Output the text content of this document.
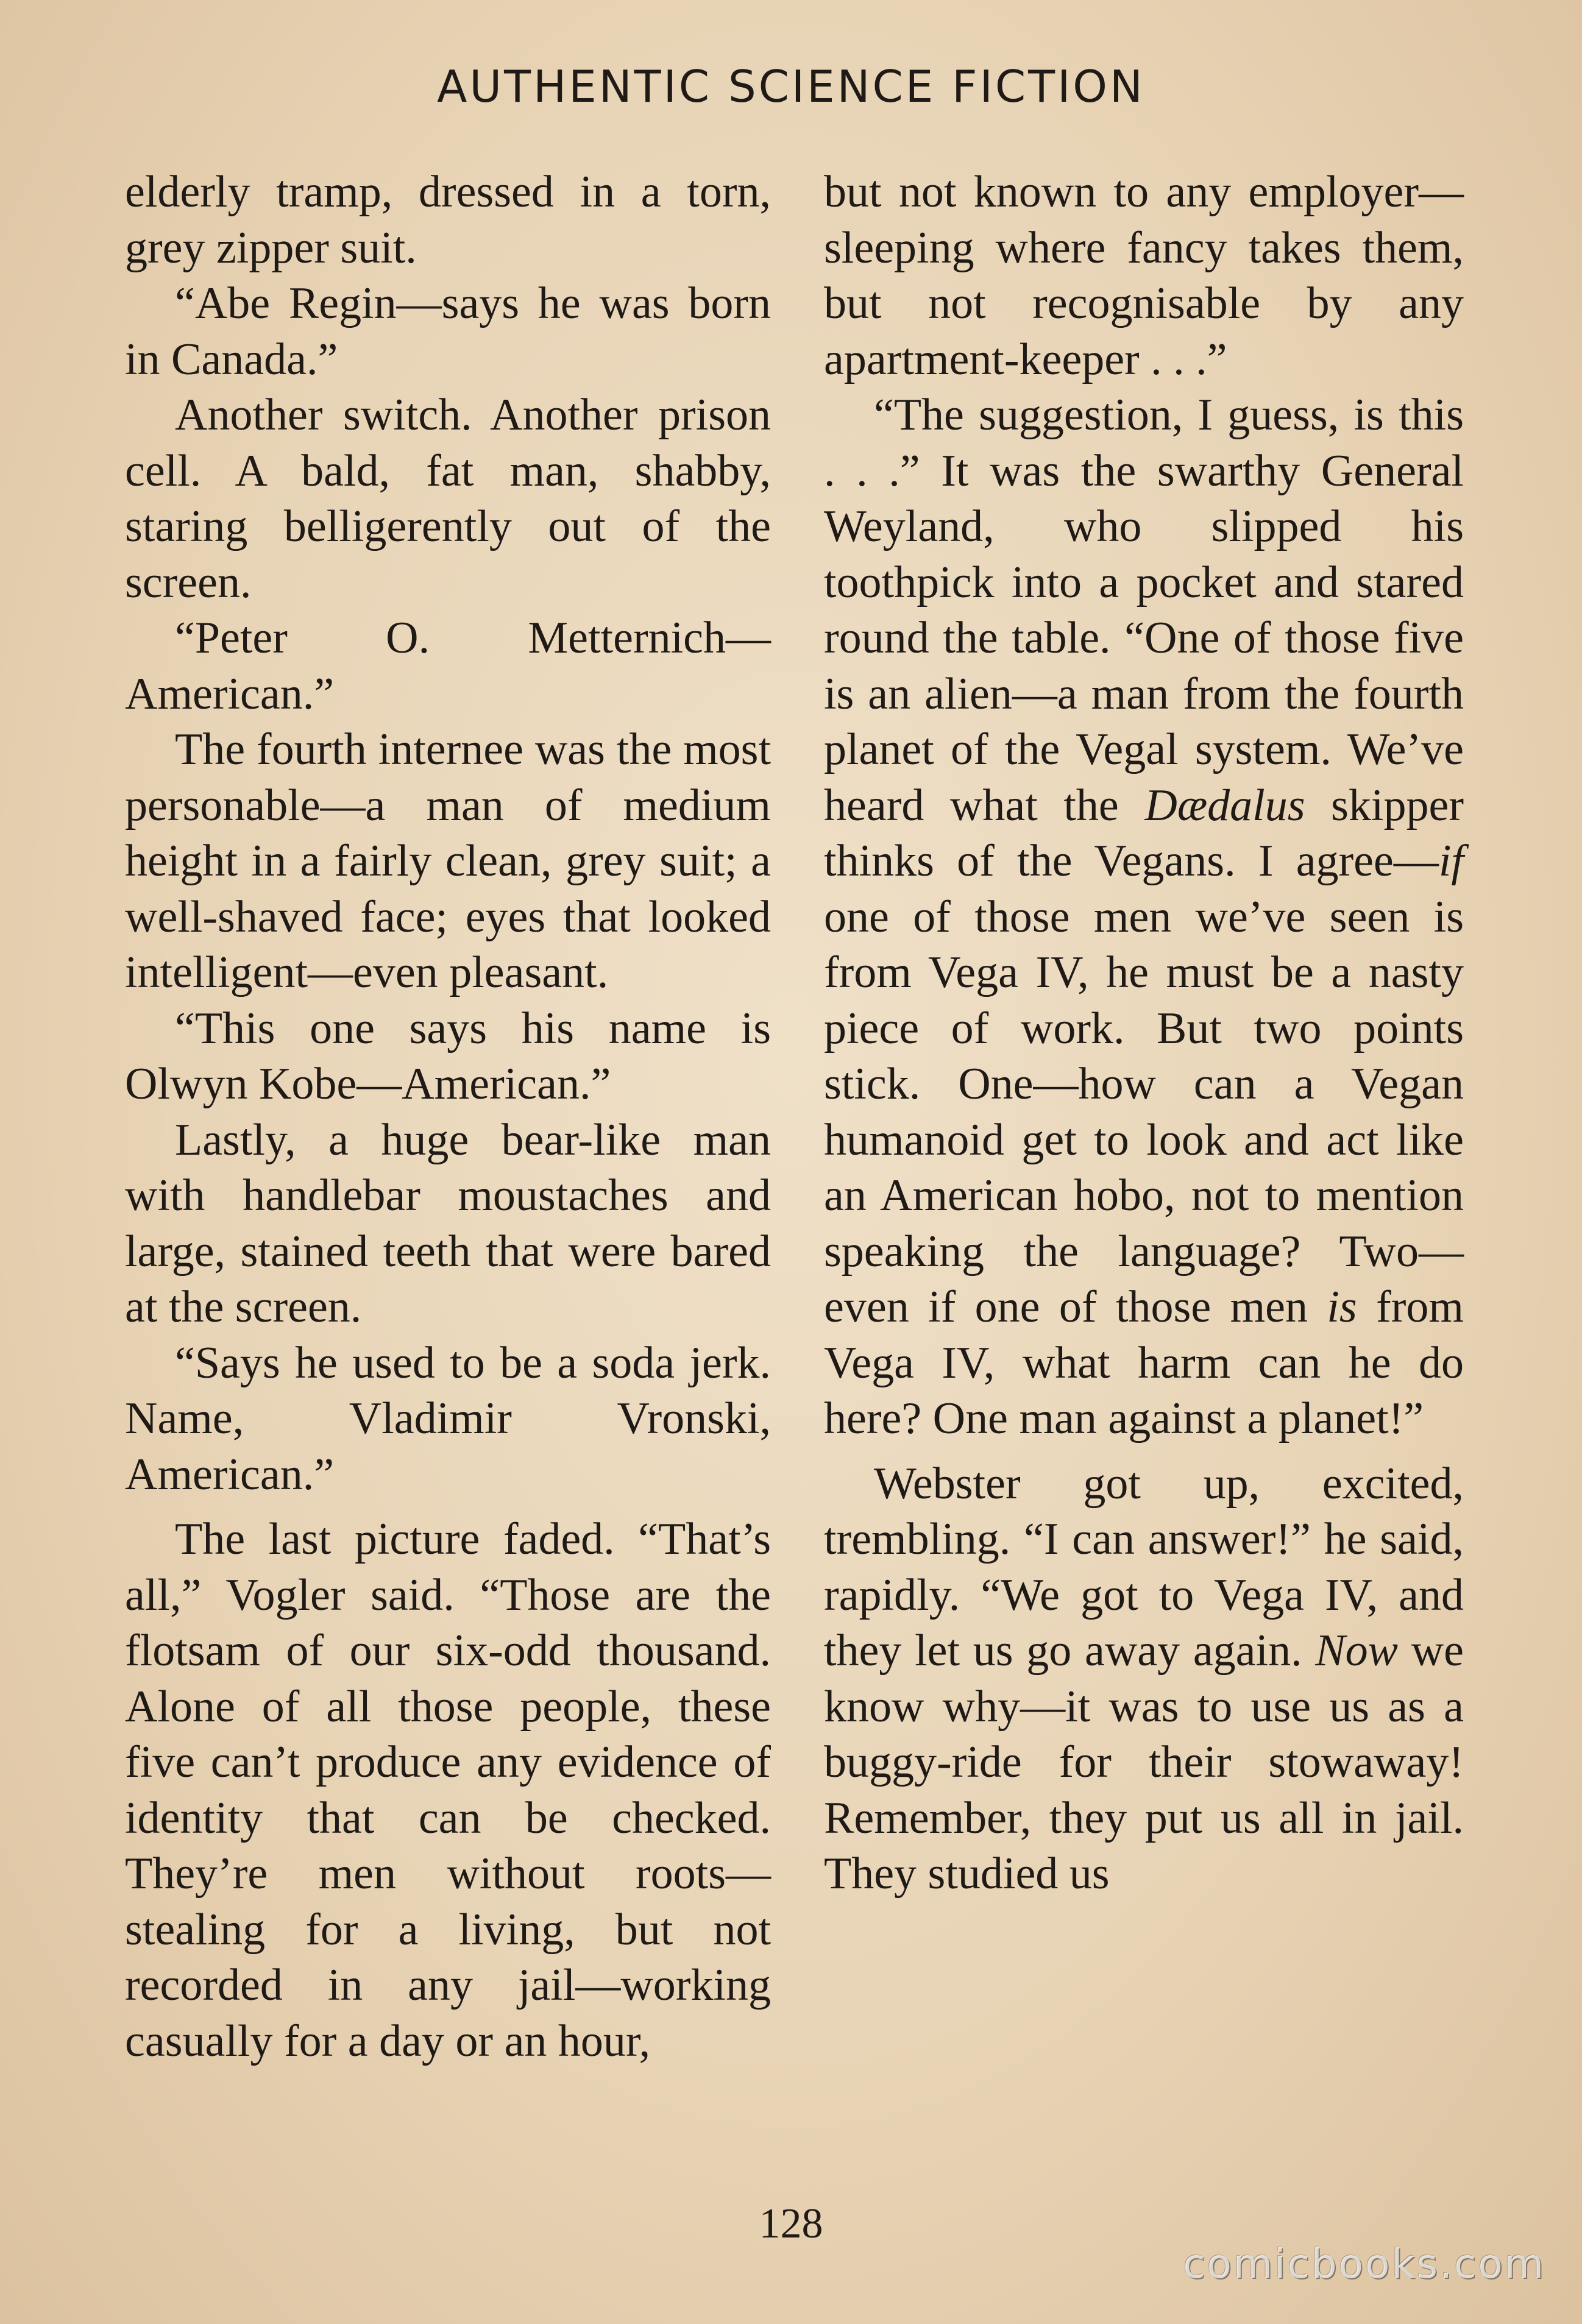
AUTHENTIC SCIENCE FICTION

elderly tramp, dressed in a torn, grey zipper suit.

“Abe Regin—says he was born in Canada.”

Another switch. Another prison cell. A bald, fat man, shabby, staring belligerently out of the screen.

“Peter O. Metternich—American.”

The fourth internee was the most personable—a man of medium height in a fairly clean, grey suit; a well-shaved face; eyes that looked intelligent—even pleasant.

“This one says his name is Olwyn Kobe—American.”

Lastly, a huge bear-like man with handlebar moustaches and large, stained teeth that were bared at the screen.

“Says he used to be a soda jerk. Name, Vladimir Vronski, American.”

The last picture faded. “That’s all,” Vogler said. “Those are the flotsam of our six-odd thousand. Alone of all those people, these five can’t produce any evidence of identity that can be checked. They’re men without roots—stealing for a living, but not recorded in any jail—working casually for a day or an hour,

but not known to any employer—sleeping where fancy takes them, but not recognisable by any apartment-keeper . . .”

“The suggestion, I guess, is this . . .” It was the swarthy General Weyland, who slipped his toothpick into a pocket and stared round the table. “One of those five is an alien—a man from the fourth planet of the Vegal system. We’ve heard what the Dædalus skipper thinks of the Vegans. I agree—if one of those men we’ve seen is from Vega IV, he must be a nasty piece of work. But two points stick. One—how can a Vegan humanoid get to look and act like an American hobo, not to mention speaking the language? Two—even if one of those men is from Vega IV, what harm can he do here? One man against a planet!”

Webster got up, excited, trembling. “I can answer!” he said, rapidly. “We got to Vega IV, and they let us go away again. Now we know why—it was to use us as a buggy-ride for their stowaway! Remember, they put us all in jail. They studied us

128
comicbooks.com
